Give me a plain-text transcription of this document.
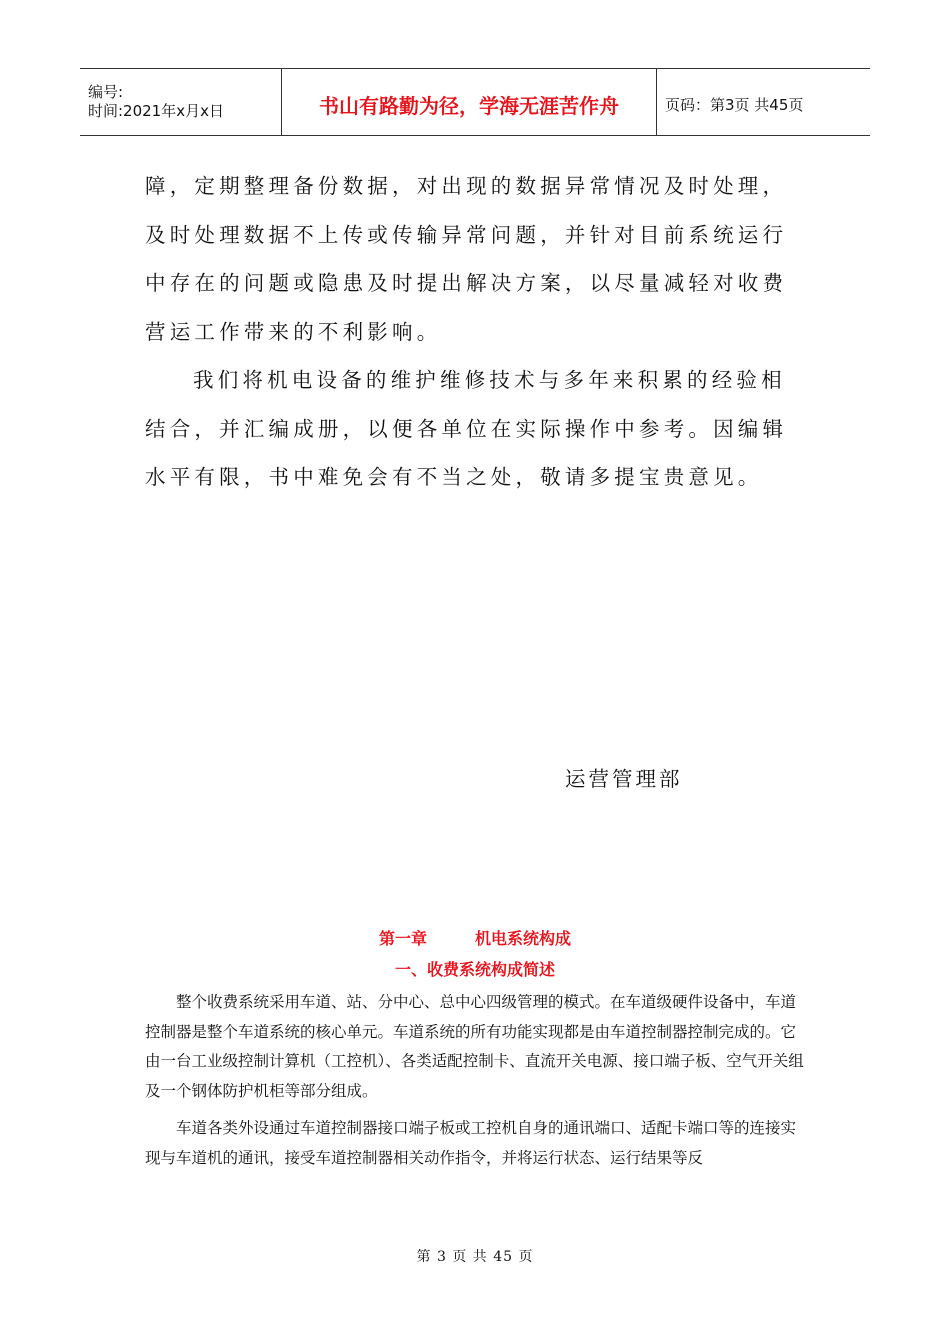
编号:
时间:2021年x月x日	书山有路勤为径，学海无涯苦作舟	页码：第3页 共45页

障，定期整理备份数据，对出现的数据异常情况及时处理，及时处理数据不上传或传输异常问题，并针对目前系统运行中存在的问题或隐患及时提出解决方案，以尽量减轻对收费营运工作带来的不利影响。

我们将机电设备的维护维修技术与多年来积累的经验相结合，并汇编成册，以便各单位在实际操作中参考。因编辑水平有限，书中难免会有不当之处，敬请多提宝贵意见。

运营管理部
第一章	机电系统构成
一、收费系统构成简述

整个收费系统采用车道、站、分中心、总中心四级管理的模式。在车道级硬件设备中，车道控制器是整个车道系统的核心单元。车道系统的所有功能实现都是由车道控制器控制完成的。它由一台工业级控制计算机（工控机）、各类适配控制卡、直流开关电源、接口端子板、空气开关组及一个钢体防护机柜等部分组成。

车道各类外设通过车道控制器接口端子板或工控机自身的通讯端口、适配卡端口等的连接实现与车道机的通讯，接受车道控制器相关动作指令，并将运行状态、运行结果等反

第 3 页 共 45 页
